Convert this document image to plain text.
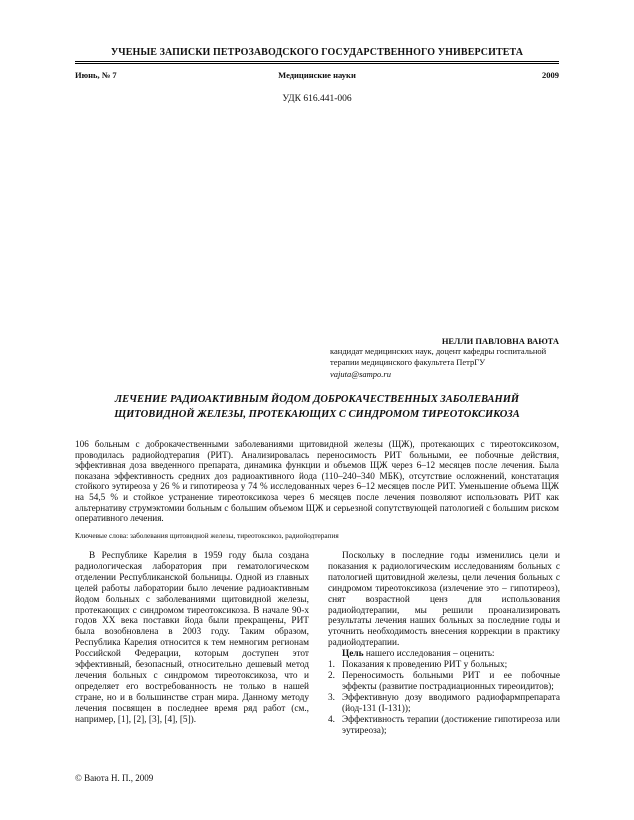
УЧЕНЫЕ ЗАПИСКИ ПЕТРОЗАВОДСКОГО ГОСУДАРСТВЕННОГО УНИВЕРСИТЕТА
Июнь, № 7	Медицинские науки	2009
УДК 616.441-006
НЕЛЛИ ПАВЛОВНА ВАЮТА
кандидат медицинских наук, доцент кафедры госпитальной терапии медицинского факультета ПетрГУ
vajuta@sampo.ru
ЛЕЧЕНИЕ РАДИОАКТИВНЫМ ЙОДОМ ДОБРОКАЧЕСТВЕННЫХ ЗАБОЛЕВАНИЙ
ЩИТОВИДНОЙ ЖЕЛЕЗЫ, ПРОТЕКАЮЩИХ С СИНДРОМОМ ТИРЕОТОКСИКОЗА
106 больным с доброкачественными заболеваниями щитовидной железы (ЩЖ), протекающих с тиреотоксикозом, проводилась радиойодтерапия (РИТ). Анализировалась переносимость РИТ больными, ее побочные действия, эффективная доза введенного препарата, динамика функции и объемов ЩЖ через 6–12 месяцев после лечения. Была показана эффективность средних доз радиоактивного йода (110–240–340 МБК), отсутствие осложнений, констатация стойкого эутиреоза у 26 % и гипотиреоза у 74 % исследованных через 6–12 месяцев после РИТ. Уменьшение объема ЩЖ на 54,5 % и стойкое устранение тиреотоксикоза через 6 месяцев после лечения позволяют использовать РИТ как альтернативу струмэктомии больным с большим объемом ЩЖ и серьезной сопутствующей патологией с большим риском оперативного лечения.
Ключевые слова: заболевания щитовидной железы, тиреотоксикоз, радиойодтерапия

В Республике Карелия в 1959 году была создана радиологическая лаборатория при гематологическом отделении Республиканской больницы. Одной из главных целей работы лаборатории было лечение радиоактивным йодом больных с заболеваниями щитовидной железы, протекающих с синдромом тиреотоксикоза. В начале 90-х годов XX века поставки йода были прекращены, РИТ была возобновлена в 2003 году. Таким образом, Республика Карелия относится к тем немногим регионам Российской Федерации, которым доступен этот эффективный, безопасный, относительно дешевый метод лечения больных с синдромом тиреотоксикоза, что и определяет его востребованность не только в нашей стране, но и в большинстве стран мира. Данному методу лечения посвящен в последнее время ряд работ (см., например, [1], [2], [3], [4], [5]).

Поскольку в последние годы изменились цели и показания к радиологическим исследованиям больных с патологией щитовидной железы, цели лечения больных с синдромом тиреотоксикоза (излечение это – гипотиреоз), снят возрастной ценз для использования радиойодтерапии, мы решили проанализировать результаты лечения наших больных за последние годы и уточнить необходимость внесения коррекции в практику радиойодтерапии.

Цель нашего исследования – оценить:
1. Показания к проведению РИТ у больных;
2. Переносимость больными РИТ и ее побочные эффекты (развитие пострадиационных тиреоидитов);
3. Эффективную дозу вводимого радиофармпрепарата (йод-131 (I-131));
4. Эффективность терапии (достижение гипотиреоза или эутиреоза);
© Ваюта Н. П., 2009
